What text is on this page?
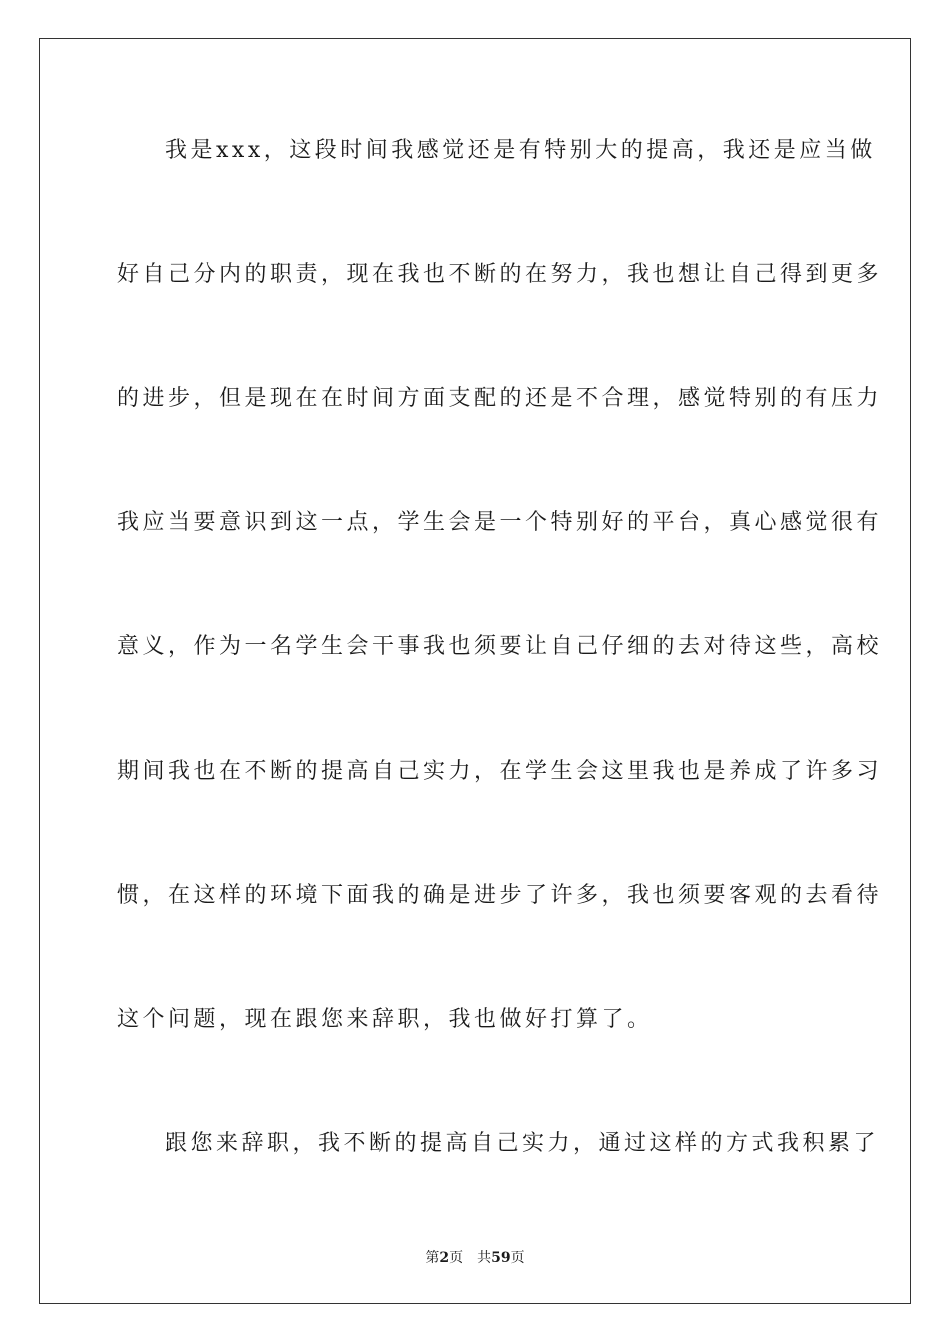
我是xxx，这段时间我感觉还是有特别大的提高，我还是应当做

好自己分内的职责，现在我也不断的在努力，我也想让自己得到更多

的进步，但是现在在时间方面支配的还是不合理，感觉特别的有压力

我应当要意识到这一点，学生会是一个特别好的平台，真心感觉很有

意义，作为一名学生会干事我也须要让自己仔细的去对待这些，高校

期间我也在不断的提高自己实力，在学生会这里我也是养成了许多习

惯，在这样的环境下面我的确是进步了许多，我也须要客观的去看待

这个问题，现在跟您来辞职，我也做好打算了。

跟您来辞职，我不断的提高自己实力，通过这样的方式我积累了

第2页 共59页
